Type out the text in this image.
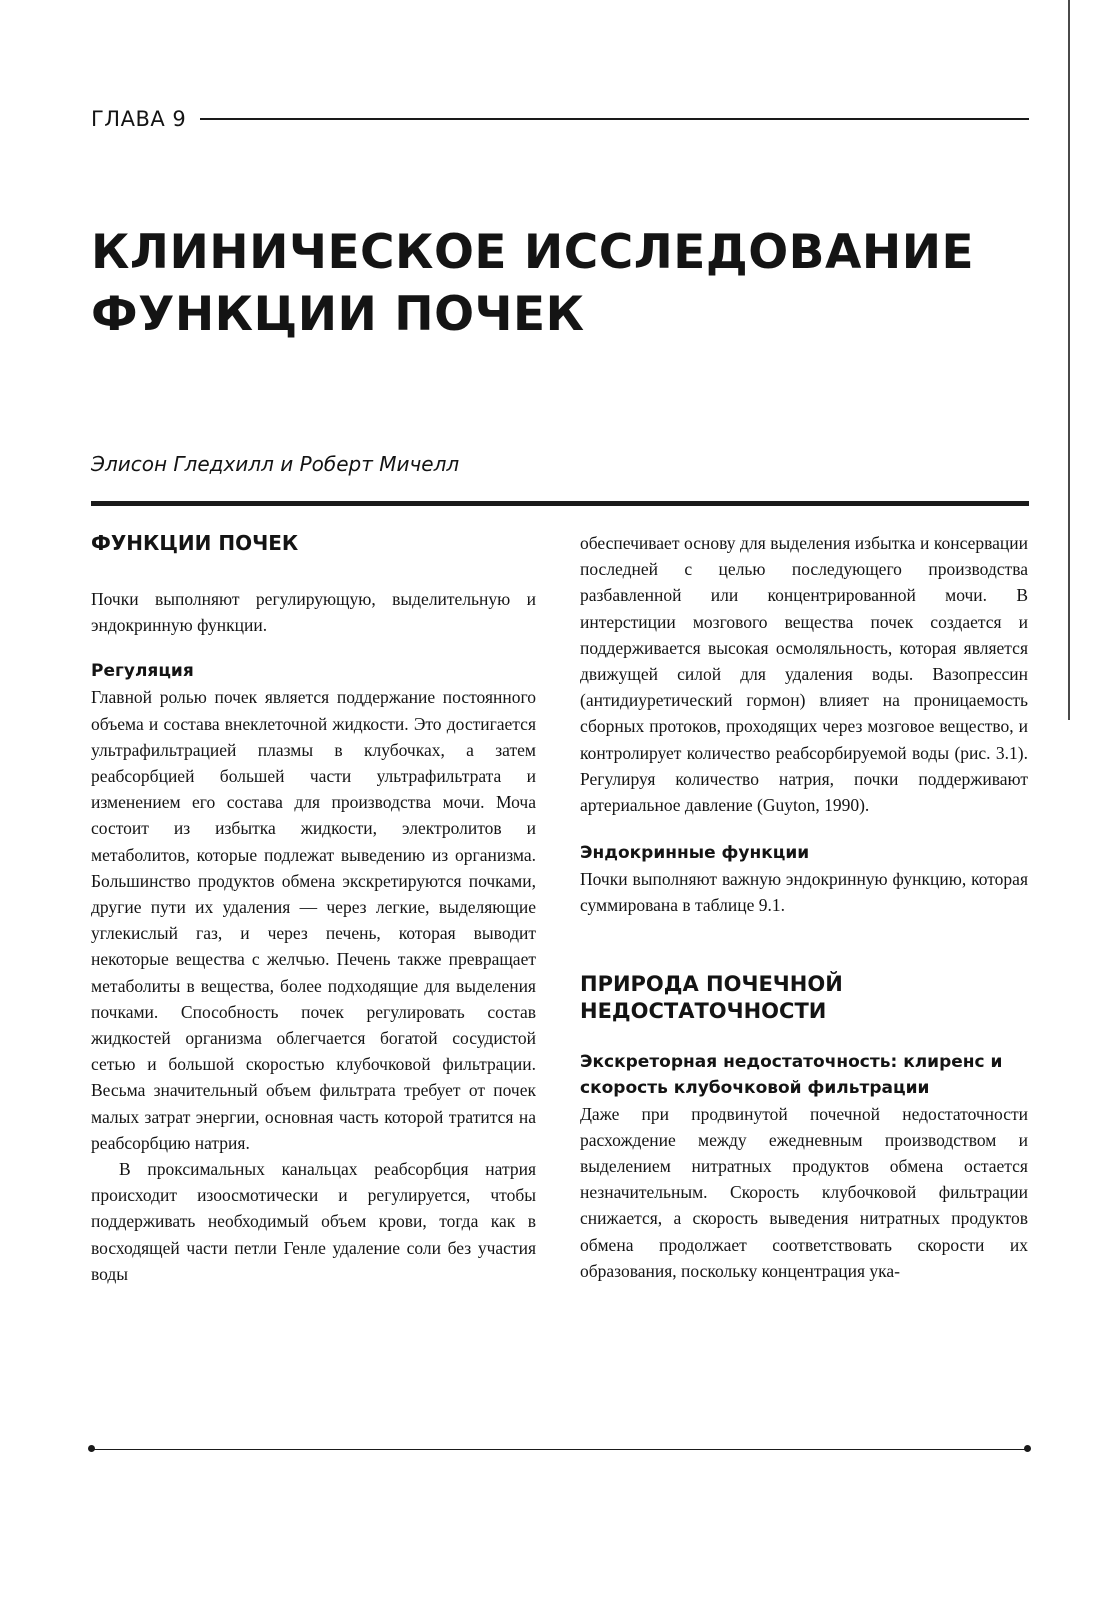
ГЛАВА 9
КЛИНИЧЕСКОЕ ИССЛЕДОВАНИЕ
ФУНКЦИИ ПОЧЕК
Элисон Гледхилл и Роберт Мичелл
ФУНКЦИИ ПОЧЕК

Почки выполняют регулирующую, выделительную и эндокринную функции.

Регуляция

Главной ролью почек является поддержание постоянного объема и состава внеклеточной жидкости. Это достигается ультрафильтрацией плазмы в клубочках, а затем реабсорбцией большей части ультрафильтрата и изменением его состава для производства мочи. Моча состоит из избытка жидкости, электролитов и метаболитов, которые подлежат выведению из организма. Большинство продуктов обмена экскретируются почками, другие пути их удаления — через легкие, выделяющие углекислый газ, и через печень, которая выводит некоторые вещества с желчью. Печень также превращает метаболиты в вещества, более подходящие для выделения почками. Способность почек регулировать состав жидкостей организма облегчается богатой сосудистой сетью и большой скоростью клубочковой фильтрации. Весьма значительный объем фильтрата требует от почек малых затрат энергии, основная часть которой тратится на реабсорбцию натрия.

В проксимальных канальцах реабсорбция натрия происходит изоосмотически и регулируется, чтобы поддерживать необходимый объем крови, тогда как в восходящей части петли Генле удаление соли без участия воды

обеспечивает основу для выделения избытка и консервации последней с целью последующего производства разбавленной или концентрированной мочи. В интерстиции мозгового вещества почек создается и поддерживается высокая осмоляльность, которая является движущей силой для удаления воды. Вазопрессин (антидиуретический гормон) влияет на проницаемость сборных протоков, проходящих через мозговое вещество, и контролирует количество реабсорбируемой воды (рис. 3.1). Регулируя количество натрия, почки поддерживают артериальное давление (Guyton, 1990).

Эндокринные функции

Почки выполняют важную эндокринную функцию, которая суммирована в таблице 9.1.

ПРИРОДА ПОЧЕЧНОЙ
НЕДОСТАТОЧНОСТИ
Экскреторная недостаточность: клиренс и скорость клубочковой фильтрации

Даже при продвинутой почечной недостаточности расхождение между ежедневным производством и выделением нитратных продуктов обмена остается незначительным. Скорость клубочковой фильтрации снижается, а скорость выведения нитратных продуктов обмена продолжает соответствовать скорости их образования, поскольку концентрация ука-
